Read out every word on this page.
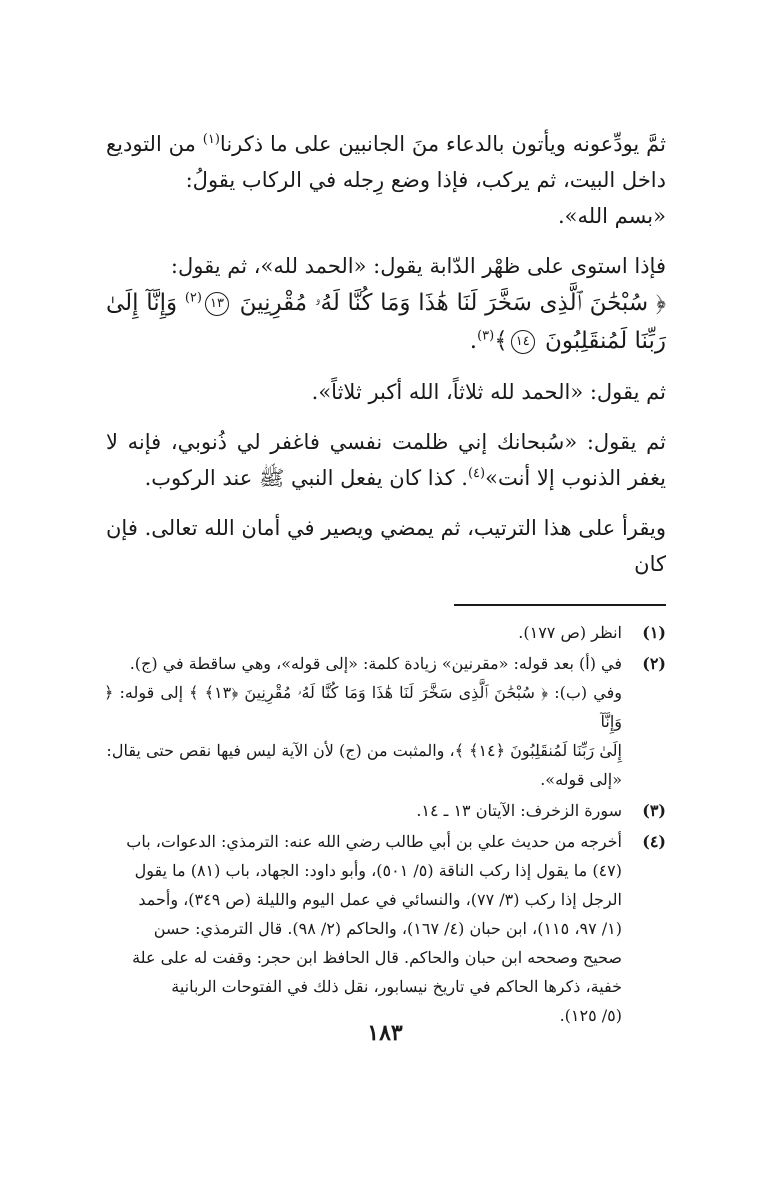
ثمَّ يودِّعونه ويأتون بالدعاء منَ الجانبين على ما ذكرنا$^{(١)}$ من التوديع داخل البيت، ثم يركب، فإذا وضع رِجله في الركاب يقولُ:
«بسم الله».

فإذا استوى على ظهْر الدّابة يقول: «الحمد لله»، ثم يقول:

﴿ سُبْحَٰنَ ٱلَّذِى سَخَّرَ لَنَا هَٰذَا وَمَا كُنَّا لَهُۥ مُقْرِنِينَ ١٣$^{(٢)}$ وَإِنَّآ إِلَىٰ رَبِّنَا لَمُنقَلِبُونَ ١٤﴾$^{(٣)}$.

ثم يقول: «الحمد لله ثلاثاً، الله أكبر ثلاثاً».

ثم يقول: «سُبحانك إني ظلمت نفسي فاغفر لي ذُنوبي، فإنه لا يغفر الذنوب إلا أنت»$^{(٤)}$. كذا كان يفعل النبي ﷺ عند الركوب.

ويقرأ على هذا الترتيب، ثم يمضي ويصير في أمان الله تعالى. فإن كان

(١)
انظر (ص ١٧٧).
(٢)
في (أ) بعد قوله: «مقرنين» زيادة كلمة: «إلى قوله»، وهي ساقطة في (ج).
وفي (ب): ﴿ سُبْحَٰنَ ٱلَّذِى سَخَّرَ لَنَا هَٰذَا وَمَا كُنَّا لَهُۥ مُقْرِنِينَ ﴿١٣﴾ ﴾ إلى قوله: ﴿ وَإِنَّآ
إِلَىٰ رَبِّنَا لَمُنقَلِبُونَ ﴿١٤﴾ ﴾، والمثبت من (ج) لأن الآية ليس فيها نقص حتى يقال:
«إلى قوله».
(٣)
سورة الزخرف: الآيتان ١٣ ـ ١٤.
(٤)
أخرجه من حديث علي بن أبي طالب رضي الله عنه: الترمذي: الدعوات، باب
(٤٧) ما يقول إذا ركب الناقة (٥/ ٥٠١)، وأبو داود: الجهاد، باب (٨١) ما يقول
الرجل إذا ركب (٣/ ٧٧)، والنسائي في عمل اليوم والليلة (ص ٣٤٩)، وأحمد
(١/ ٩٧، ١١٥)، ابن حبان (٤/ ١٦٧)، والحاكم (٢/ ٩٨). قال الترمذي: حسن
صحيح وصححه ابن حبان والحاكم. قال الحافظ ابن حجر: وقفت له على علة
خفية، ذكرها الحاكم في تاريخ نيسابور، نقل ذلك في الفتوحات الربانية
(٥/ ١٢٥).
١٨٣
